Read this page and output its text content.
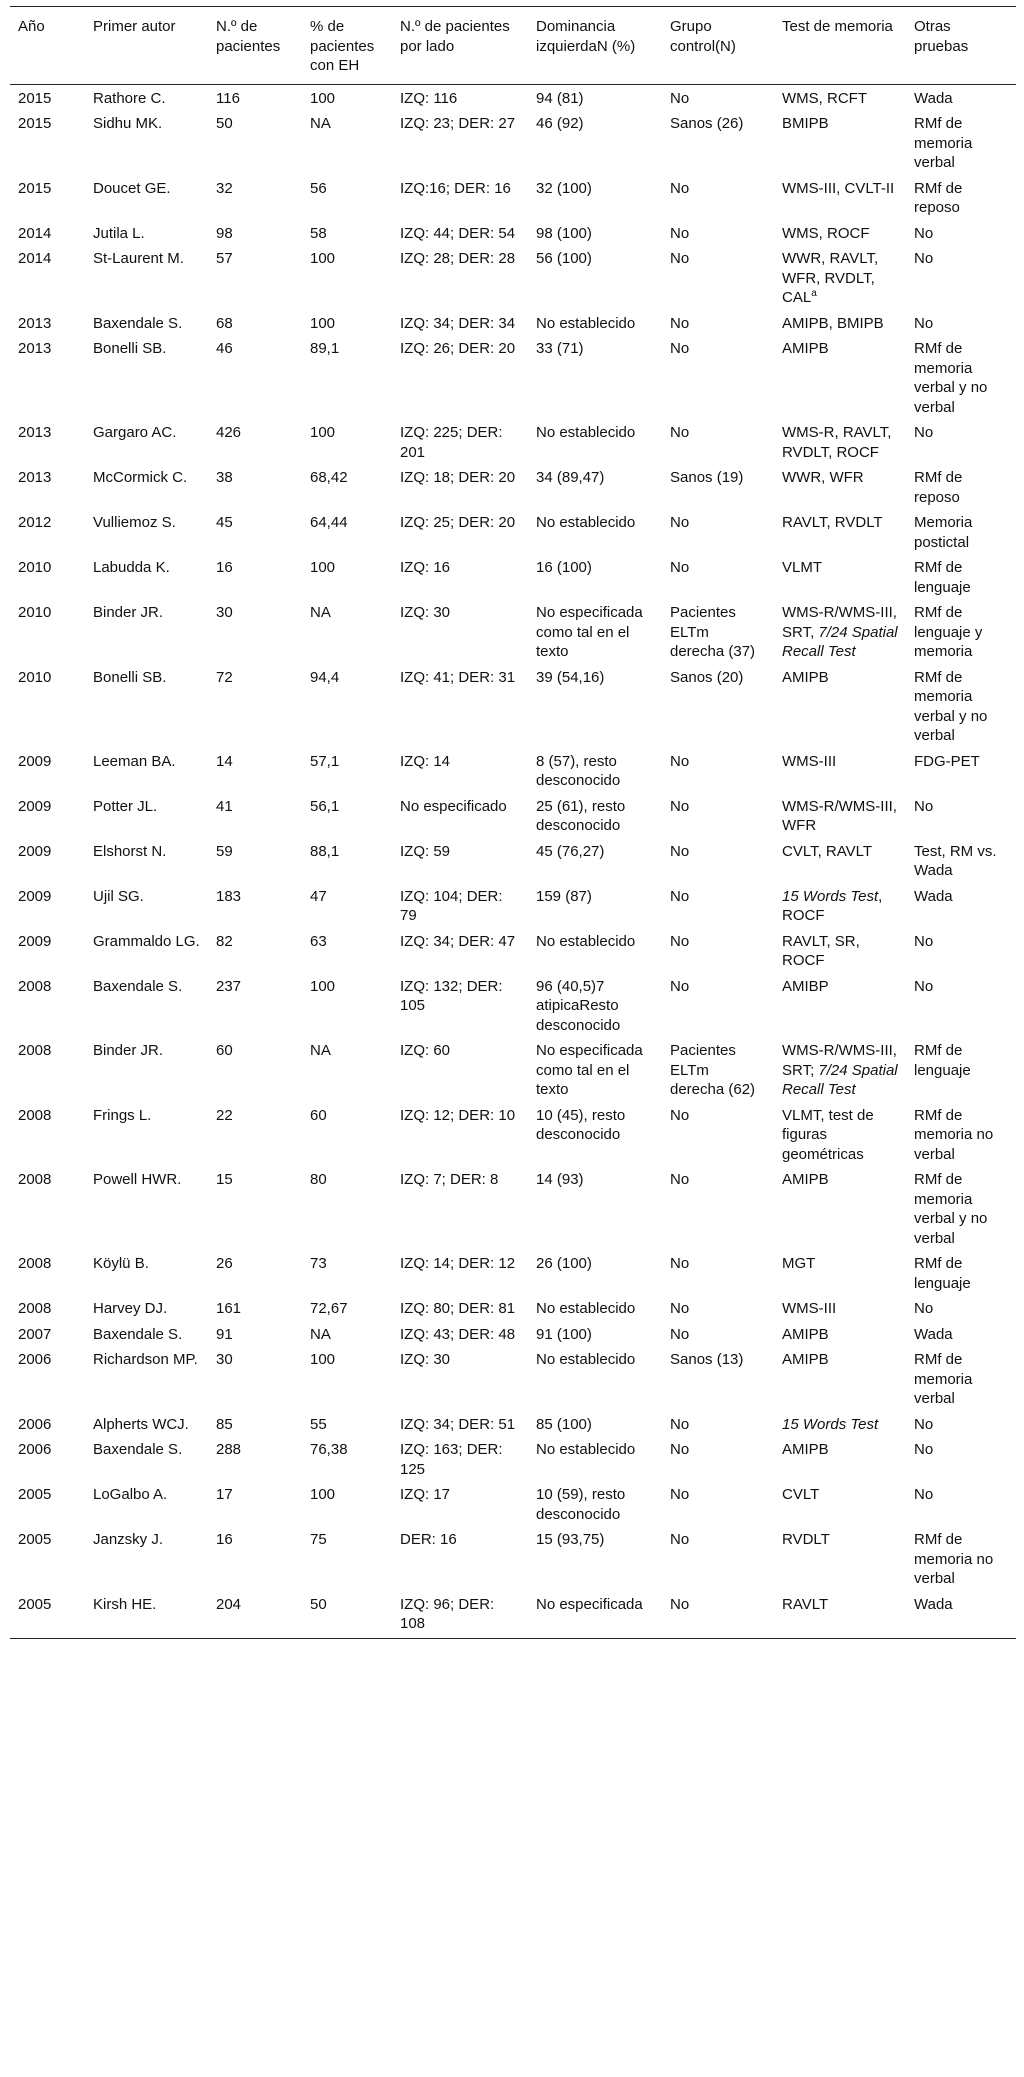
Año	Primer autor	N.º de pacientes	% de pacientes con EH	N.º de pacientes por lado	Dominancia izquierdaN (%)	Grupo control(N)	Test de memoria	Otras pruebas
2015	Rathore C.	116	100	IZQ: 116	94 (81)	No	WMS, RCFT	Wada
2015	Sidhu MK.	50	NA	IZQ: 23; DER: 27	46 (92)	Sanos (26)	BMIPB	RMf de memoria verbal
2015	Doucet GE.	32	56	IZQ:16; DER: 16	32 (100)	No	WMS-III, CVLT-II	RMf de reposo
2014	Jutila L.	98	58	IZQ: 44; DER: 54	98 (100)	No	WMS, ROCF	No
2014	St-Laurent M.	57	100	IZQ: 28; DER: 28	56 (100)	No	WWR, RAVLT, WFR, RVDLT, CAL$^a$	No
2013	Baxendale S.	68	100	IZQ: 34; DER: 34	No establecido	No	AMIPB, BMIPB	No
2013	Bonelli SB.	46	89,1	IZQ: 26; DER: 20	33 (71)	No	AMIPB	RMf de memoria verbal y no verbal
2013	Gargaro AC.	426	100	IZQ: 225; DER: 201	No establecido	No	WMS-R, RAVLT, RVDLT, ROCF	No
2013	McCormick C.	38	68,42	IZQ: 18; DER: 20	34 (89,47)	Sanos (19)	WWR, WFR	RMf de reposo
2012	Vulliemoz S.	45	64,44	IZQ: 25; DER: 20	No establecido	No	RAVLT, RVDLT	Memoria postictal
2010	Labudda K.	16	100	IZQ: 16	16 (100)	No	VLMT	RMf de lenguaje
2010	Binder JR.	30	NA	IZQ: 30	No especificada como tal en el texto	Pacientes ELTm derecha (37)	WMS-R/WMS-III, SRT, 7/24 Spatial Recall Test	RMf de lenguaje y memoria
2010	Bonelli SB.	72	94,4	IZQ: 41; DER: 31	39 (54,16)	Sanos (20)	AMIPB	RMf de memoria verbal y no verbal
2009	Leeman BA.	14	57,1	IZQ: 14	8 (57), resto desconocido	No	WMS-III	FDG-PET
2009	Potter JL.	41	56,1	No especificado	25 (61), resto desconocido	No	WMS-R/WMS-III, WFR	No
2009	Elshorst N.	59	88,1	IZQ: 59	45 (76,27)	No	CVLT, RAVLT	Test, RM vs. Wada
2009	Ujil SG.	183	47	IZQ: 104; DER: 79	159 (87)	No	15 Words Test, ROCF	Wada
2009	Grammaldo LG.	82	63	IZQ: 34; DER: 47	No establecido	No	RAVLT, SR, ROCF	No
2008	Baxendale S.	237	100	IZQ: 132; DER: 105	96 (40,5)7 atipicaResto desconocido	No	AMIBP	No
2008	Binder JR.	60	NA	IZQ: 60	No especificada como tal en el texto	Pacientes ELTm derecha (62)	WMS-R/WMS-III, SRT; 7/24 Spatial Recall Test	RMf de lenguaje
2008	Frings L.	22	60	IZQ: 12; DER: 10	10 (45), resto desconocido	No	VLMT, test de figuras geométricas	RMf de memoria no verbal
2008	Powell HWR.	15	80	IZQ: 7; DER: 8	14 (93)	No	AMIPB	RMf de memoria verbal y no verbal
2008	Köylü B.	26	73	IZQ: 14; DER: 12	26 (100)	No	MGT	RMf de lenguaje
2008	Harvey DJ.	161	72,67	IZQ: 80; DER: 81	No establecido	No	WMS-III	No
2007	Baxendale S.	91	NA	IZQ: 43; DER: 48	91 (100)	No	AMIPB	Wada
2006	Richardson MP.	30	100	IZQ: 30	No establecido	Sanos (13)	AMIPB	RMf de memoria verbal
2006	Alpherts WCJ.	85	55	IZQ: 34; DER: 51	85 (100)	No	15 Words Test	No
2006	Baxendale S.	288	76,38	IZQ: 163; DER: 125	No establecido	No	AMIPB	No
2005	LoGalbo A.	17	100	IZQ: 17	10 (59), resto desconocido	No	CVLT	No
2005	Janzsky J.	16	75	DER: 16	15 (93,75)	No	RVDLT	RMf de memoria no verbal
2005	Kirsh HE.	204	50	IZQ: 96; DER: 108	No especificada	No	RAVLT	Wada
